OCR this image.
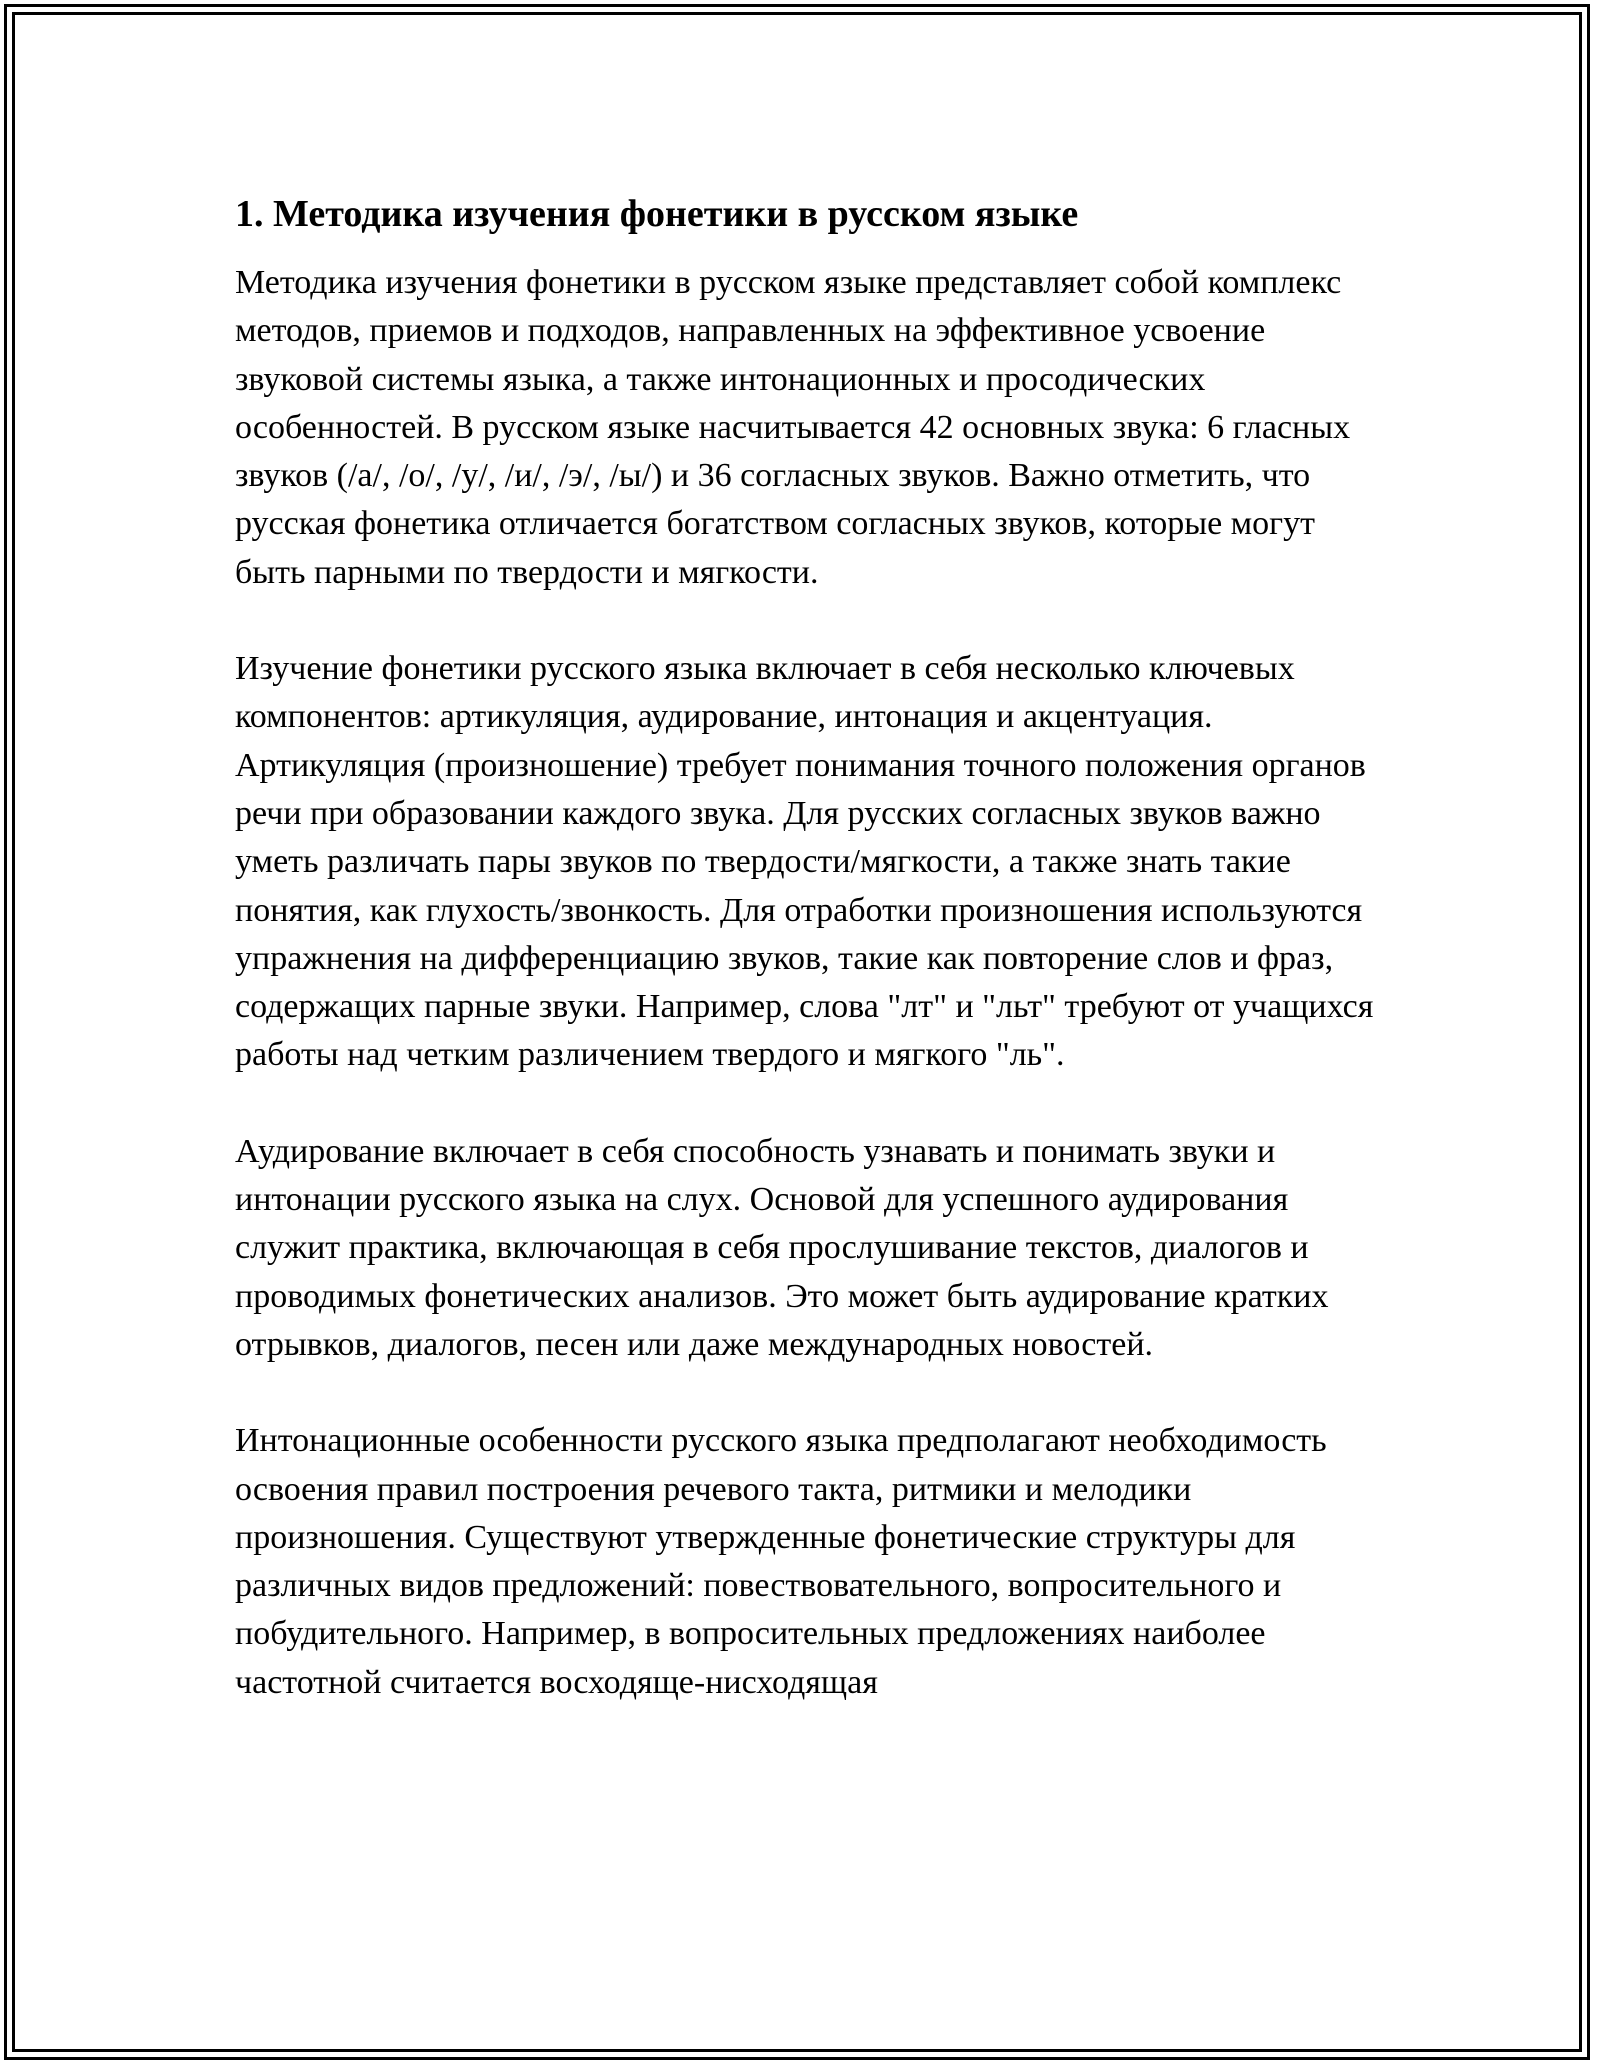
1. Методика изучения фонетики в русском языке

Методика изучения фонетики в русском языке представляет собой комплекс методов, приемов и подходов, направленных на эффективное усвоение звуковой системы языка, а также интонационных и просодических особенностей. В русском языке насчитывается 42 основных звука: 6 гласных звуков (/а/, /о/, /у/, /и/, /э/, /ы/) и 36 согласных звуков. Важно отметить, что русская фонетика отличается богатством согласных звуков, которые могут быть парными по твердости и мягкости.

Изучение фонетики русского языка включает в себя несколько ключевых компонентов: артикуляция, аудирование, интонация и акцентуация. Артикуляция (произношение) требует понимания точного положения органов речи при образовании каждого звука. Для русских согласных звуков важно уметь различать пары звуков по твердости/мягкости, а также знать такие понятия, как глухость/звонкость. Для отработки произношения используются упражнения на дифференциацию звуков, такие как повторение слов и фраз, содержащих парные звуки. Например, слова "лт" и "льт" требуют от учащихся работы над четким различением твердого и мягкого "ль".

Аудирование включает в себя способность узнавать и понимать звуки и интонации русского языка на слух. Основой для успешного аудирования служит практика, включающая в себя прослушивание текстов, диалогов и проводимых фонетических анализов. Это может быть аудирование кратких отрывков, диалогов, песен или даже международных новостей.

Интонационные особенности русского языка предполагают необходимость освоения правил построения речевого такта, ритмики и мелодики произношения. Существуют утвержденные фонетические структуры для различных видов предложений: повествовательного, вопросительного и побудительного. Например, в вопросительных предложениях наиболее частотной считается восходяще-нисходящая
